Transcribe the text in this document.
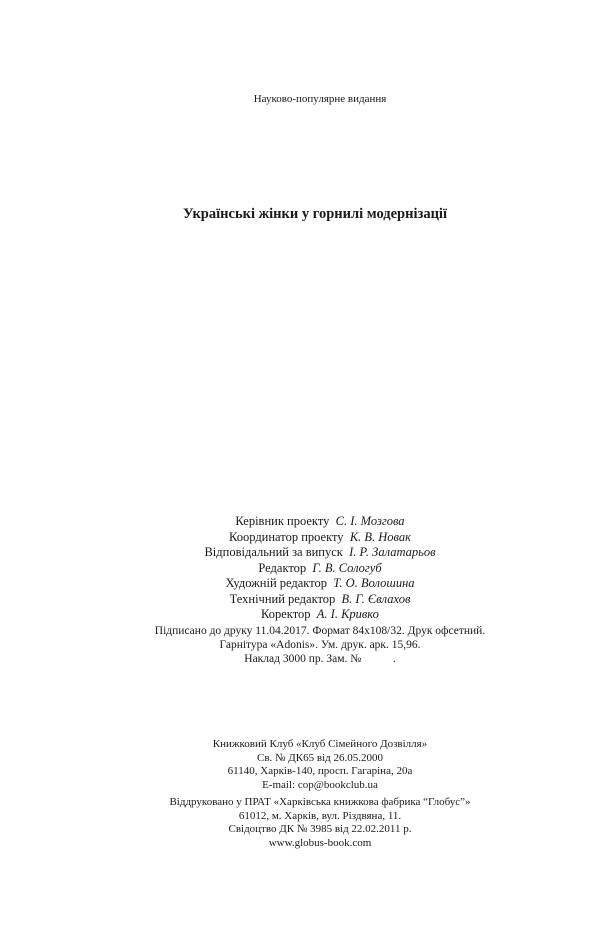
Науково-популярне видання
Українські жінки у горнилі модернізації
Керівник проекту С. І. Мозгова
Координатор проекту К. В. Новак
Відповідальний за випуск І. Р. Залатарьов
Редактор Г. В. Сологуб
Художній редактор Т. О. Волошина
Технічний редактор В. Г. Євлахов
Коректор А. І. Кривко
Підписано до друку 11.04.2017. Формат 84х108/32. Друк офсетний.
Гарнітура «Adonis». Ум. друк. арк. 15,96.
Наклад 3000 пр. Зам. №           .
Книжковий Клуб «Клуб Сімейного Дозвілля»
Св. № ДК65 від 26.05.2000
61140, Харків-140, просп. Гагаріна, 20а
E-mail: cop@bookclub.ua
Віддруковано у ПРАТ «Харківська книжкова фабрика “Глобус”»
61012, м. Харків, вул. Різдвяна, 11.
Свідоцтво ДК № 3985 від 22.02.2011 р.
www.globus-book.com
